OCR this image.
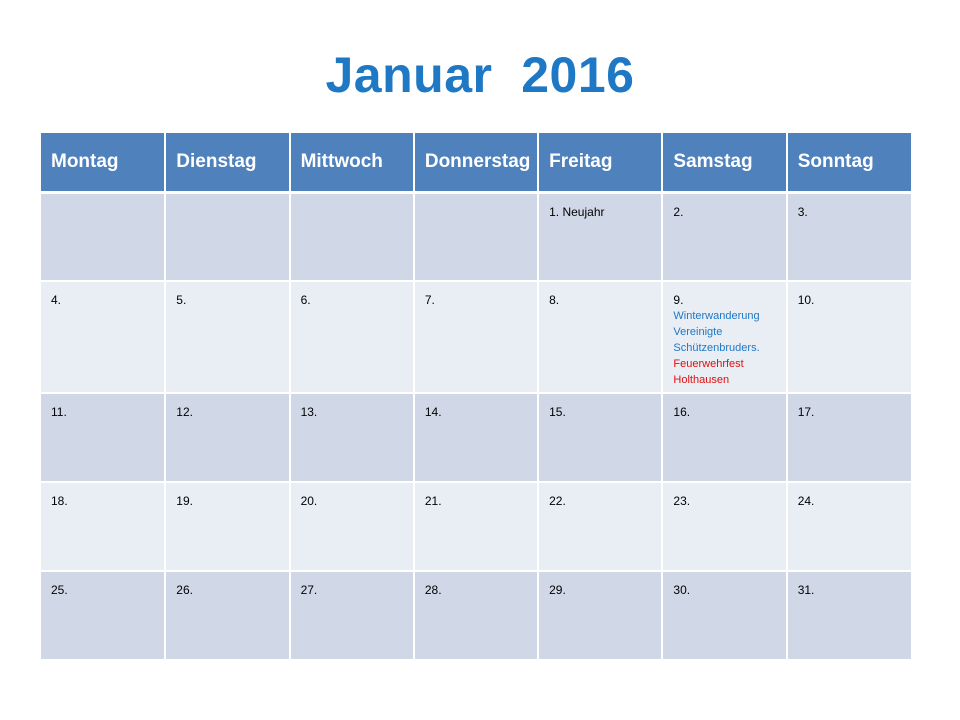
Januar  2016
Montag	Dienstag	Mittwoch	Donnerstag	Freitag	Samstag	Sonntag

				1. Neujahr	2.	3.

4.	5.	6.	7.	8.	9.
Winterwanderung Vereinigte Schützenbruders.
Feuerwehrfest Holthausen	10.

11.	12.	13.	14.	15.	16.	17.

18.	19.	20.	21.	22.	23.	24.

25.	26.	27.	28.	29.	30.	31.
